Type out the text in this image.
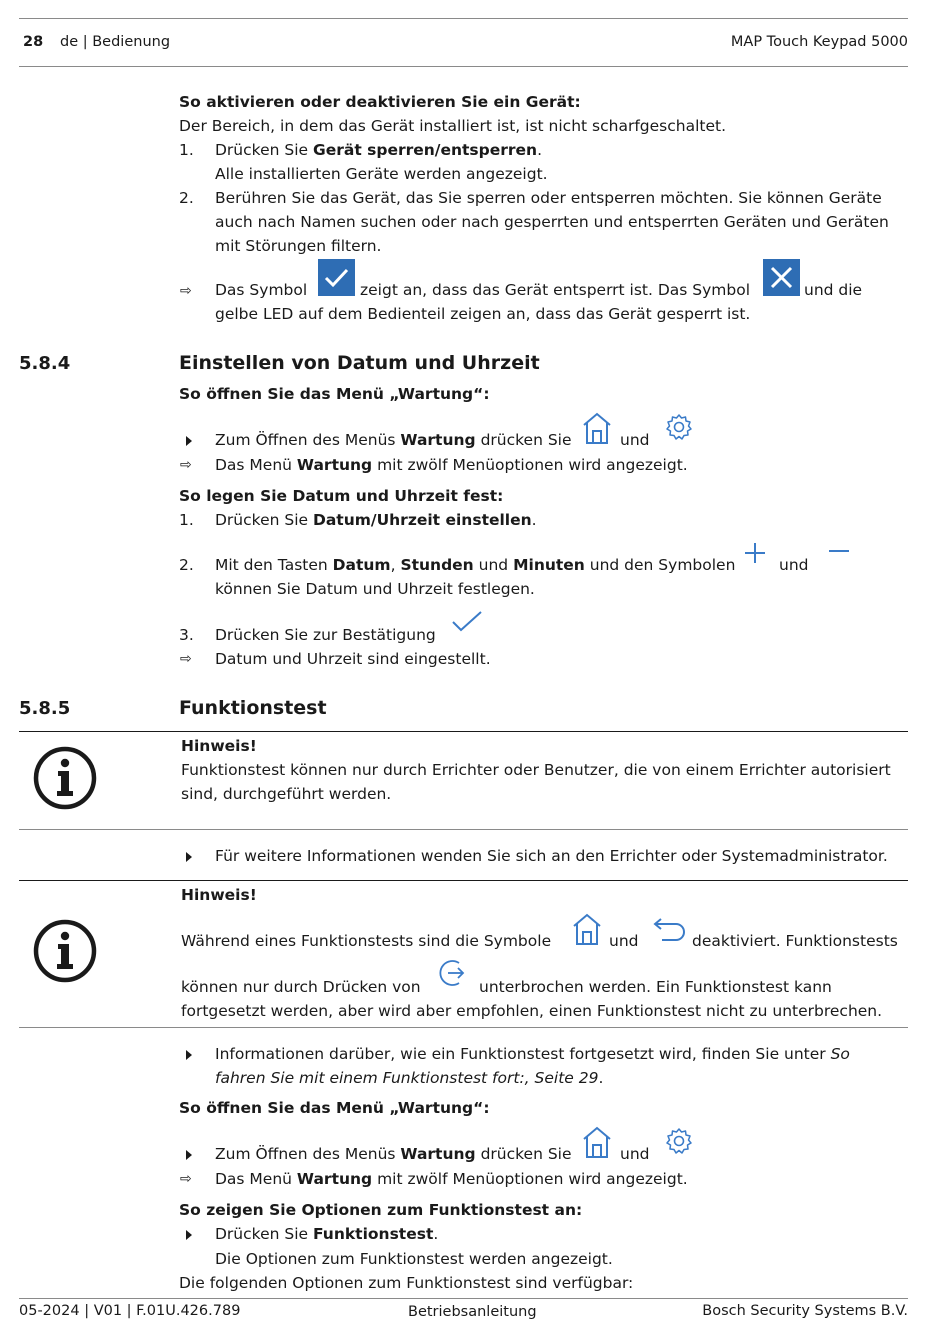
28 de | Bedienung	MAP Touch Keypad 5000
So aktivieren oder deaktivieren Sie ein Gerät:
Der Bereich, in dem das Gerät installiert ist, ist nicht scharfgeschaltet.
1. Drücken Sie Gerät sperren/entsperren.
Alle installierten Geräte werden angezeigt.
2. Berühren Sie das Gerät, das Sie sperren oder entsperren möchten. Sie können Geräte
auch nach Namen suchen oder nach gesperrten und entsperrten Geräten und Geräten
mit Störungen filtern.
⇨ Das Symbol	zeigt an, dass das Gerät entsperrt ist. Das Symbol	und die
gelbe LED auf dem Bedienteil zeigen an, dass das Gerät gesperrt ist.
5.8.4	Einstellen von Datum und Uhrzeit
So öffnen Sie das Menü „Wartung“:
Zum Öffnen des Menüs Wartung drücken Sie	und
⇨ Das Menü Wartung mit zwölf Menüoptionen wird angezeigt.
So legen Sie Datum und Uhrzeit fest:
1. Drücken Sie Datum/Uhrzeit einstellen.
2. Mit den Tasten Datum, Stunden und Minuten und den Symbolen	und
können Sie Datum und Uhrzeit festlegen.
3. Drücken Sie zur Bestätigung
⇨ Datum und Uhrzeit sind eingestellt.
5.8.5	Funktionstest
Hinweis!
Funktionstest können nur durch Errichter oder Benutzer, die von einem Errichter autorisiert
sind, durchgeführt werden.
Für weitere Informationen wenden Sie sich an den Errichter oder Systemadministrator.
Hinweis!
Während eines Funktionstests sind die Symbole	und	deaktiviert. Funktionstests
können nur durch Drücken von	unterbrochen werden. Ein Funktionstest kann
fortgesetzt werden, aber wird aber empfohlen, einen Funktionstest nicht zu unterbrechen.
Informationen darüber, wie ein Funktionstest fortgesetzt wird, finden Sie unter So
fahren Sie mit einem Funktionstest fort:, Seite 29.
So öffnen Sie das Menü „Wartung“:
Zum Öffnen des Menüs Wartung drücken Sie	und
⇨ Das Menü Wartung mit zwölf Menüoptionen wird angezeigt.
So zeigen Sie Optionen zum Funktionstest an:
Drücken Sie Funktionstest.
Die Optionen zum Funktionstest werden angezeigt.
Die folgenden Optionen zum Funktionstest sind verfügbar:
05-2024 | V01 | F.01U.426.789	Betriebsanleitung	Bosch Security Systems B.V.
